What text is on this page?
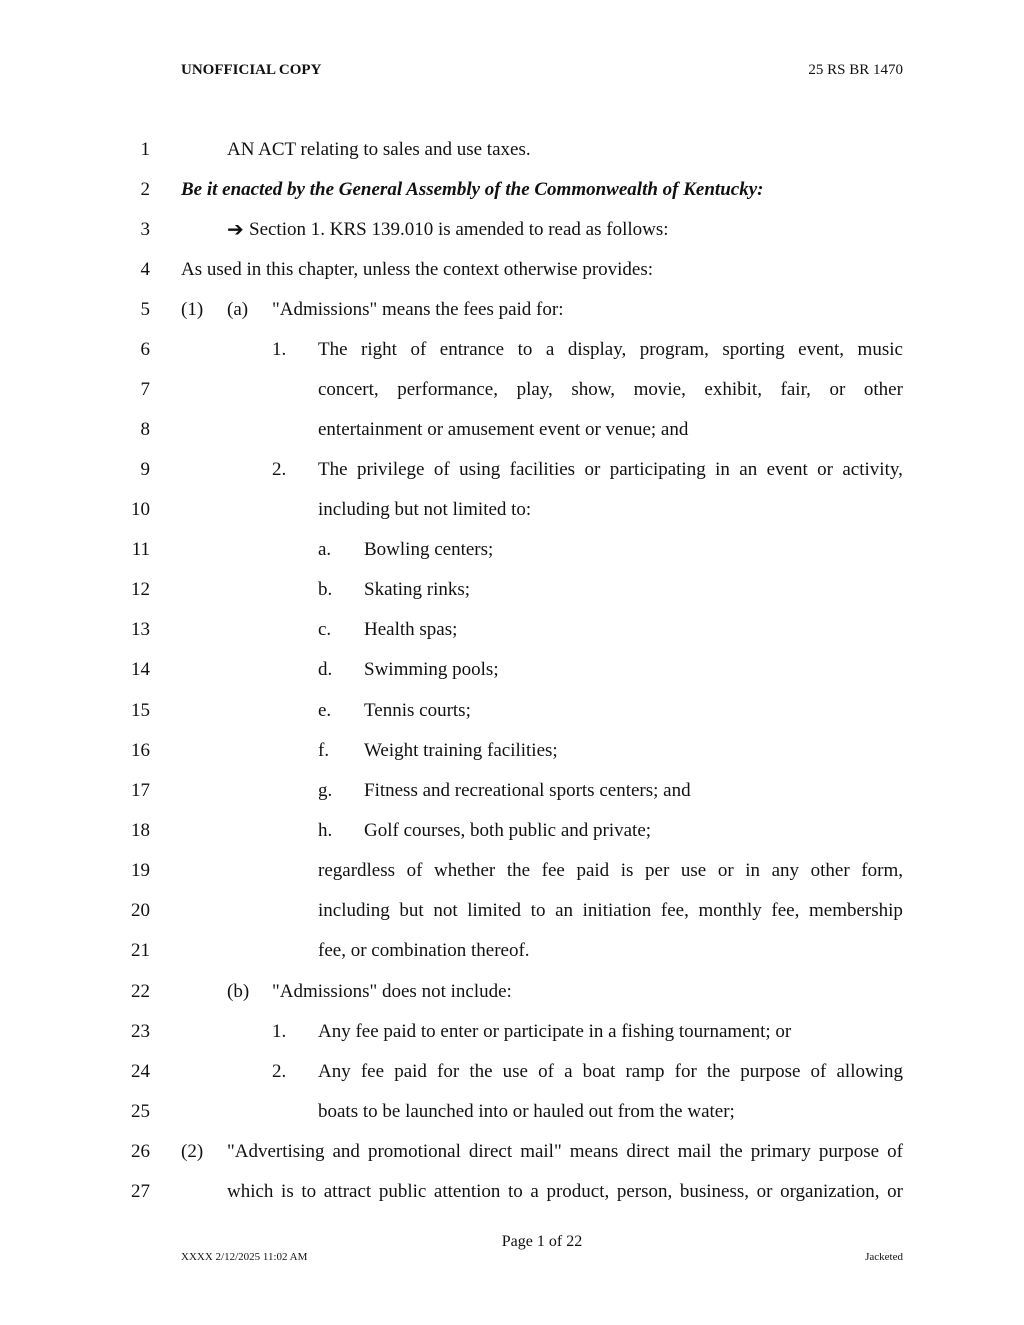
UNOFFICIAL COPY	25 RS BR 1470
1	AN ACT relating to sales and use taxes.
2 Be it enacted by the General Assembly of the Commonwealth of Kentucky:
3	➔ Section 1. KRS 139.010 is amended to read as follows:
4 As used in this chapter, unless the context otherwise provides:
5 (1) (a) "Admissions" means the fees paid for:
6	1. The right of entrance to a display, program, sporting event, music
7	concert, performance, play, show, movie, exhibit, fair, or other
8	entertainment or amusement event or venue; and
9	2. The privilege of using facilities or participating in an event or activity,
10	including but not limited to:
11	a. Bowling centers;
12	b. Skating rinks;
13	c. Health spas;
14	d. Swimming pools;
15	e. Tennis courts;
16	f. Weight training facilities;
17	g. Fitness and recreational sports centers; and
18	h. Golf courses, both public and private;
19	regardless of whether the fee paid is per use or in any other form,
20	including but not limited to an initiation fee, monthly fee, membership
21	fee, or combination thereof.
22	(b) "Admissions" does not include:
23	1. Any fee paid to enter or participate in a fishing tournament; or
24	2. Any fee paid for the use of a boat ramp for the purpose of allowing
25	boats to be launched into or hauled out from the water;
26 (2) "Advertising and promotional direct mail" means direct mail the primary purpose of
27	which is to attract public attention to a product, person, business, or organization, or
Page 1 of 22
XXXX 2/12/2025 11:02 AM	Jacketed
